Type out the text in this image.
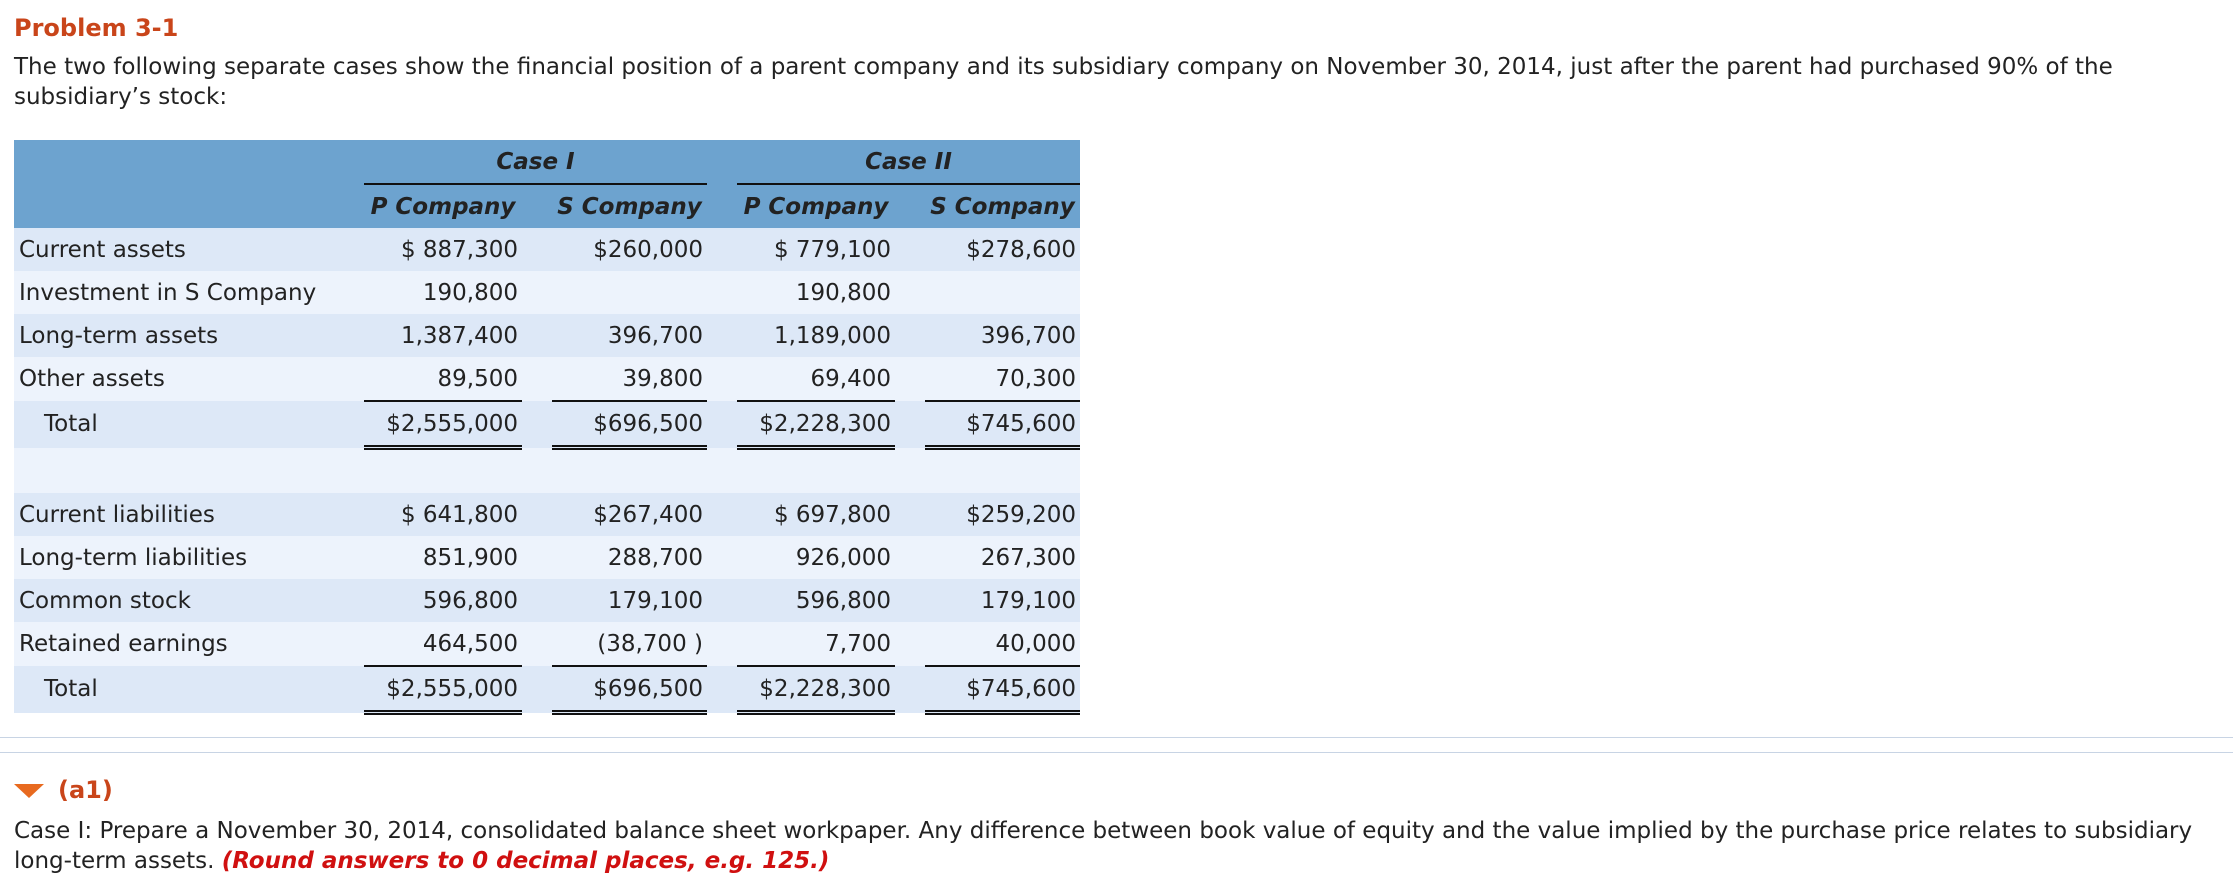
Problem 3-1
The two following separate cases show the financial position of a parent company and its subsidiary company on November 30, 2014, just after the parent had purchased 90% of the subsidiary’s stock:
	Case I				Case II		
	P Company		S Company		P Company		S Company
Current assets	$ 887,300		$260,000		$ 779,100		$278,600
Investment in S Company	190,800				190,800		
Long-term assets	1,387,400		396,700		1,189,000		396,700
Other assets	89,500		39,800		69,400		70,300
Total	$2,555,000		$696,500		$2,228,300		$745,600

Current liabilities	$ 641,800		$267,400		$ 697,800		$259,200
Long-term liabilities	851,900		288,700		926,000		267,300
Common stock	596,800		179,100		596,800		179,100
Retained earnings	464,500		(38,700 )		7,700		40,000
Total	$2,555,000		$696,500		$2,228,300		$745,600
(a1)
Case I: Prepare a November 30, 2014, consolidated balance sheet workpaper. Any difference between book value of equity and the value implied by the purchase price relates to subsidiary long-term assets. (Round answers to 0 decimal places, e.g. 125.)
